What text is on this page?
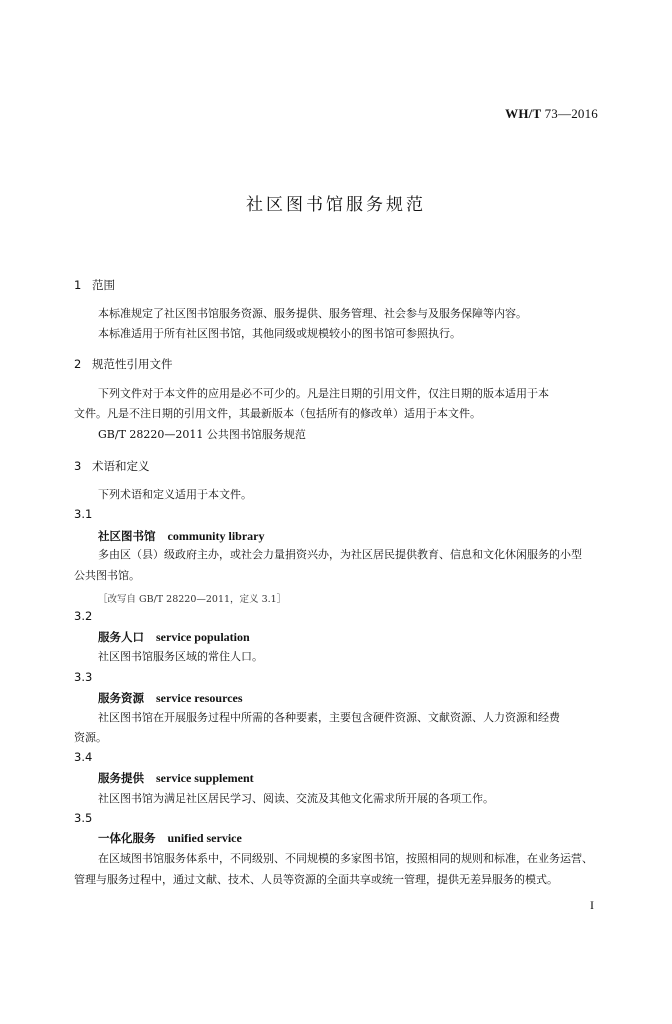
WH/T 73—2016
社区图书馆服务规范
1 范围
本标准规定了社区图书馆服务资源、服务提供、服务管理、社会参与及服务保障等内容。
本标准适用于所有社区图书馆，其他同级或规模较小的图书馆可参照执行。
2 规范性引用文件
下列文件对于本文件的应用是必不可少的。凡是注日期的引用文件，仅注日期的版本适用于本
文件。凡是不注日期的引用文件，其最新版本（包括所有的修改单）适用于本文件。
GB/T 28220—2011 公共图书馆服务规范
3 术语和定义
下列术语和定义适用于本文件。
3.1
社区图书馆 community library
多由区（县）级政府主办，或社会力量捐资兴办，为社区居民提供教育、信息和文化休闲服务的小型
公共图书馆。
［改写自 GB/T 28220—2011，定义 3.1］
3.2
服务人口 service population
社区图书馆服务区域的常住人口。
3.3
服务资源 service resources
社区图书馆在开展服务过程中所需的各种要素，主要包含硬件资源、文献资源、人力资源和经费
资源。
3.4
服务提供 service supplement
社区图书馆为满足社区居民学习、阅读、交流及其他文化需求所开展的各项工作。
3.5
一体化服务 unified service
在区域图书馆服务体系中，不同级别、不同规模的多家图书馆，按照相同的规则和标准，在业务运营、
管理与服务过程中，通过文献、技术、人员等资源的全面共享或统一管理，提供无差异服务的模式。
I
